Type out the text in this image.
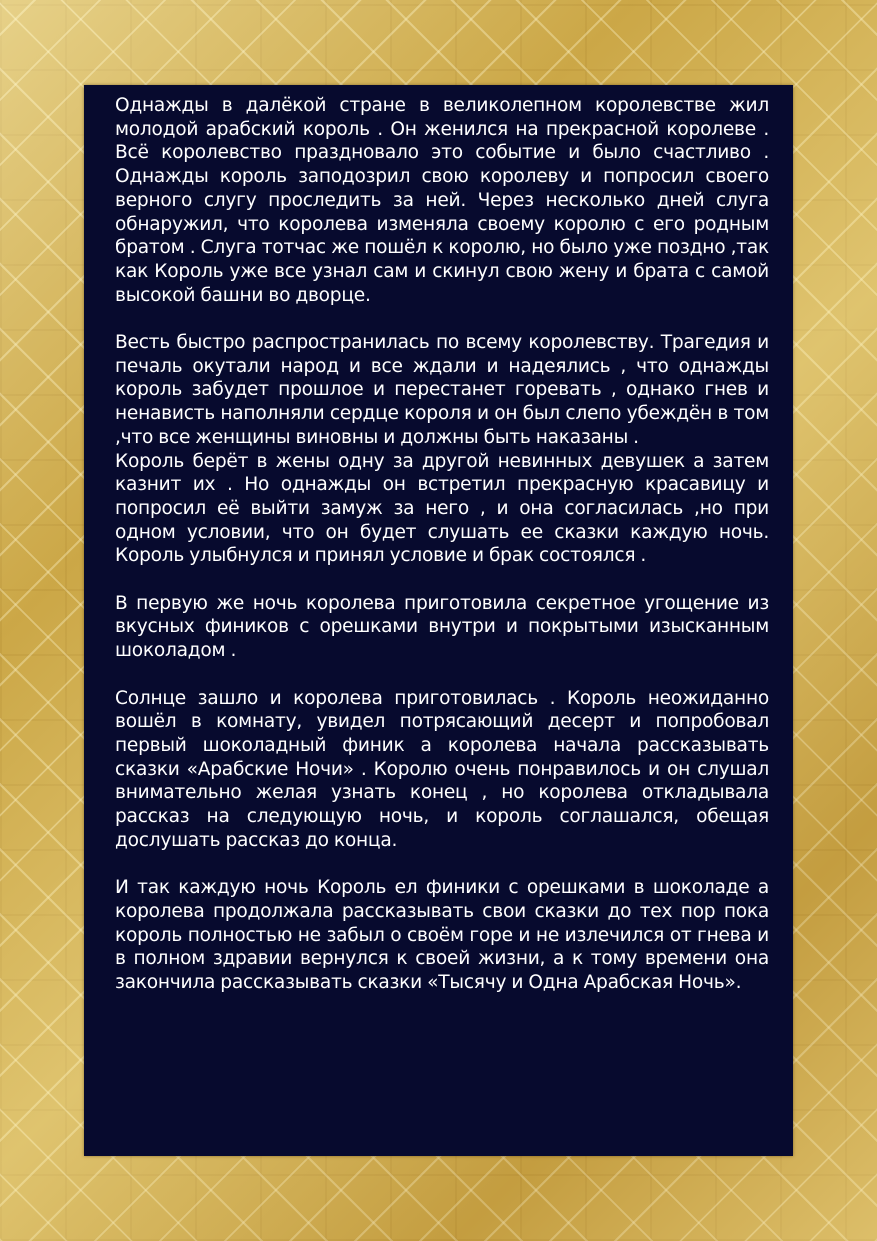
Однажды в далёкой стране в великолепном королевстве жил молодой арабский король . Он женился на прекрасной королеве . Всё королевство праздновало это событие и было счастливо . Однажды король заподозрил свою королеву и попросил своего верного слугу проследить за ней. Через несколько дней слуга обнаружил, что королева изменяла своему королю с его родным братом . Слуга тотчас же пошёл к королю, но было уже поздно ,так как Король уже все узнал сам и скинул свою жену и брата с самой высокой башни во дворце.

Весть быстро распространилась по всему королевству. Трагедия и печаль окутали народ и все ждали и надеялись , что однажды король забудет прошлое и перестанет горевать , однако гнев и ненависть наполняли сердце короля и он был слепо убеждён в том ,что все женщины виновны и должны быть наказаны .
Король берёт в жены одну за другой невинных девушек а затем казнит их . Но однажды он встретил прекрасную красавицу и попросил её выйти замуж за него , и она согласилась ,но при одном условии, что он будет слушать ее сказки каждую ночь. Король улыбнулся и принял условие и брак состоялся .

В первую же ночь королева приготовила секретное угощение из вкусных фиников с орешками внутри и покрытыми изысканным шоколадом .

Солнце зашло и королева приготовилась . Король неожиданно вошёл в комнату, увидел потрясающий десерт и попробовал первый шоколадный финик а королева начала рассказывать сказки «Арабские Ночи» . Королю очень понравилось и он слушал внимательно желая узнать конец , но королева откладывала рассказ на следующую ночь, и король соглашался, обещая дослушать рассказ до конца.

И так каждую ночь Король ел финики с орешками в шоколаде а королева продолжала рассказывать свои сказки до тех пор пока король полностью не забыл о своём горе и не излечился от гнева и в полном здравии вернулся к своей жизни, а к тому времени она закончила рассказывать сказки «Тысячу и Одна Арабская Ночь».
